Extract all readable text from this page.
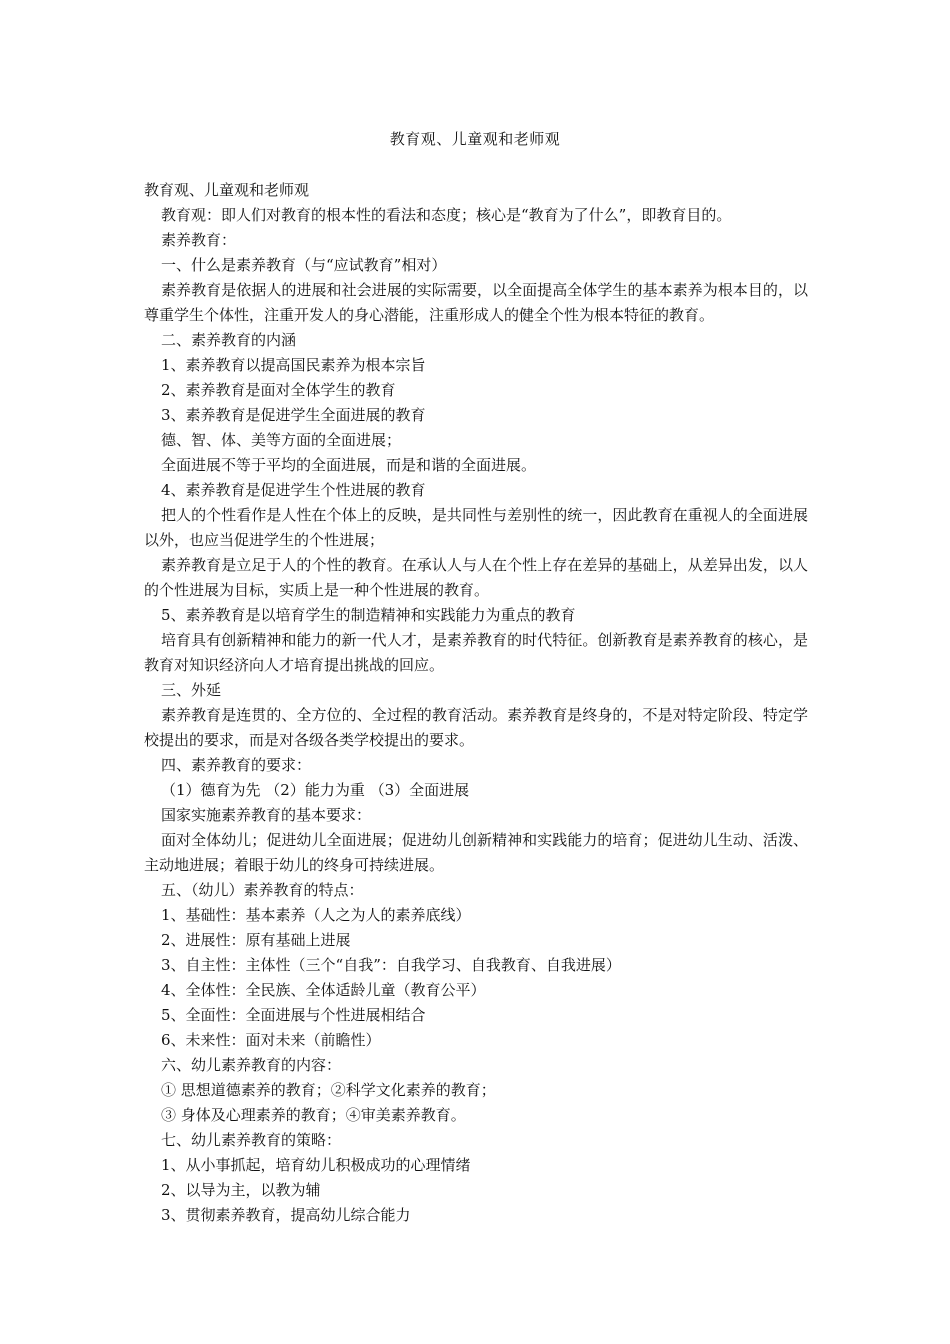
教育观、儿童观和老师观
教育观、儿童观和老师观
教育观：即人们对教育的根本性的看法和态度；核心是“教育为了什么”，即教育目的。
素养教育：
一、什么是素养教育（与“应试教育”相对）
素养教育是依据人的进展和社会进展的实际需要，以全面提高全体学生的基本素养为根本目的，以尊重学生个体性，注重开发人的身心潜能，注重形成人的健全个性为根本特征的教育。
二、素养教育的内涵
1、素养教育以提高国民素养为根本宗旨
2、素养教育是面对全体学生的教育
3、素养教育是促进学生全面进展的教育
德、智、体、美等方面的全面进展；
全面进展不等于平均的全面进展，而是和谐的全面进展。
4、素养教育是促进学生个性进展的教育
把人的个性看作是人性在个体上的反映，是共同性与差别性的统一，因此教育在重视人的全面进展以外，也应当促进学生的个性进展；
素养教育是立足于人的个性的教育。在承认人与人在个性上存在差异的基础上，从差异出发，以人的个性进展为目标，实质上是一种个性进展的教育。
5、素养教育是以培育学生的制造精神和实践能力为重点的教育
培育具有创新精神和能力的新一代人才，是素养教育的时代特征。创新教育是素养教育的核心，是教育对知识经济向人才培育提出挑战的回应。
三、外延
素养教育是连贯的、全方位的、全过程的教育活动。素养教育是终身的，不是对特定阶段、特定学校提出的要求，而是对各级各类学校提出的要求。
四、素养教育的要求：
（1）德育为先 （2）能力为重 （3）全面进展
国家实施素养教育的基本要求：
面对全体幼儿；促进幼儿全面进展；促进幼儿创新精神和实践能力的培育；促进幼儿生动、活泼、主动地进展；着眼于幼儿的终身可持续进展。
五、（幼儿）素养教育的特点：
1、基础性：基本素养（人之为人的素养底线）
2、进展性：原有基础上进展
3、自主性：主体性（三个“自我”：自我学习、自我教育、自我进展）
4、全体性：全民族、全体适龄儿童（教育公平）
5、全面性：全面进展与个性进展相结合
6、未来性：面对未来（前瞻性）
六、幼儿素养教育的内容：
① 思想道德素养的教育；②科学文化素养的教育；
③ 身体及心理素养的教育；④审美素养教育。
七、幼儿素养教育的策略：
1、从小事抓起，培育幼儿积极成功的心理情绪
2、以导为主，以教为辅
3、贯彻素养教育，提高幼儿综合能力
